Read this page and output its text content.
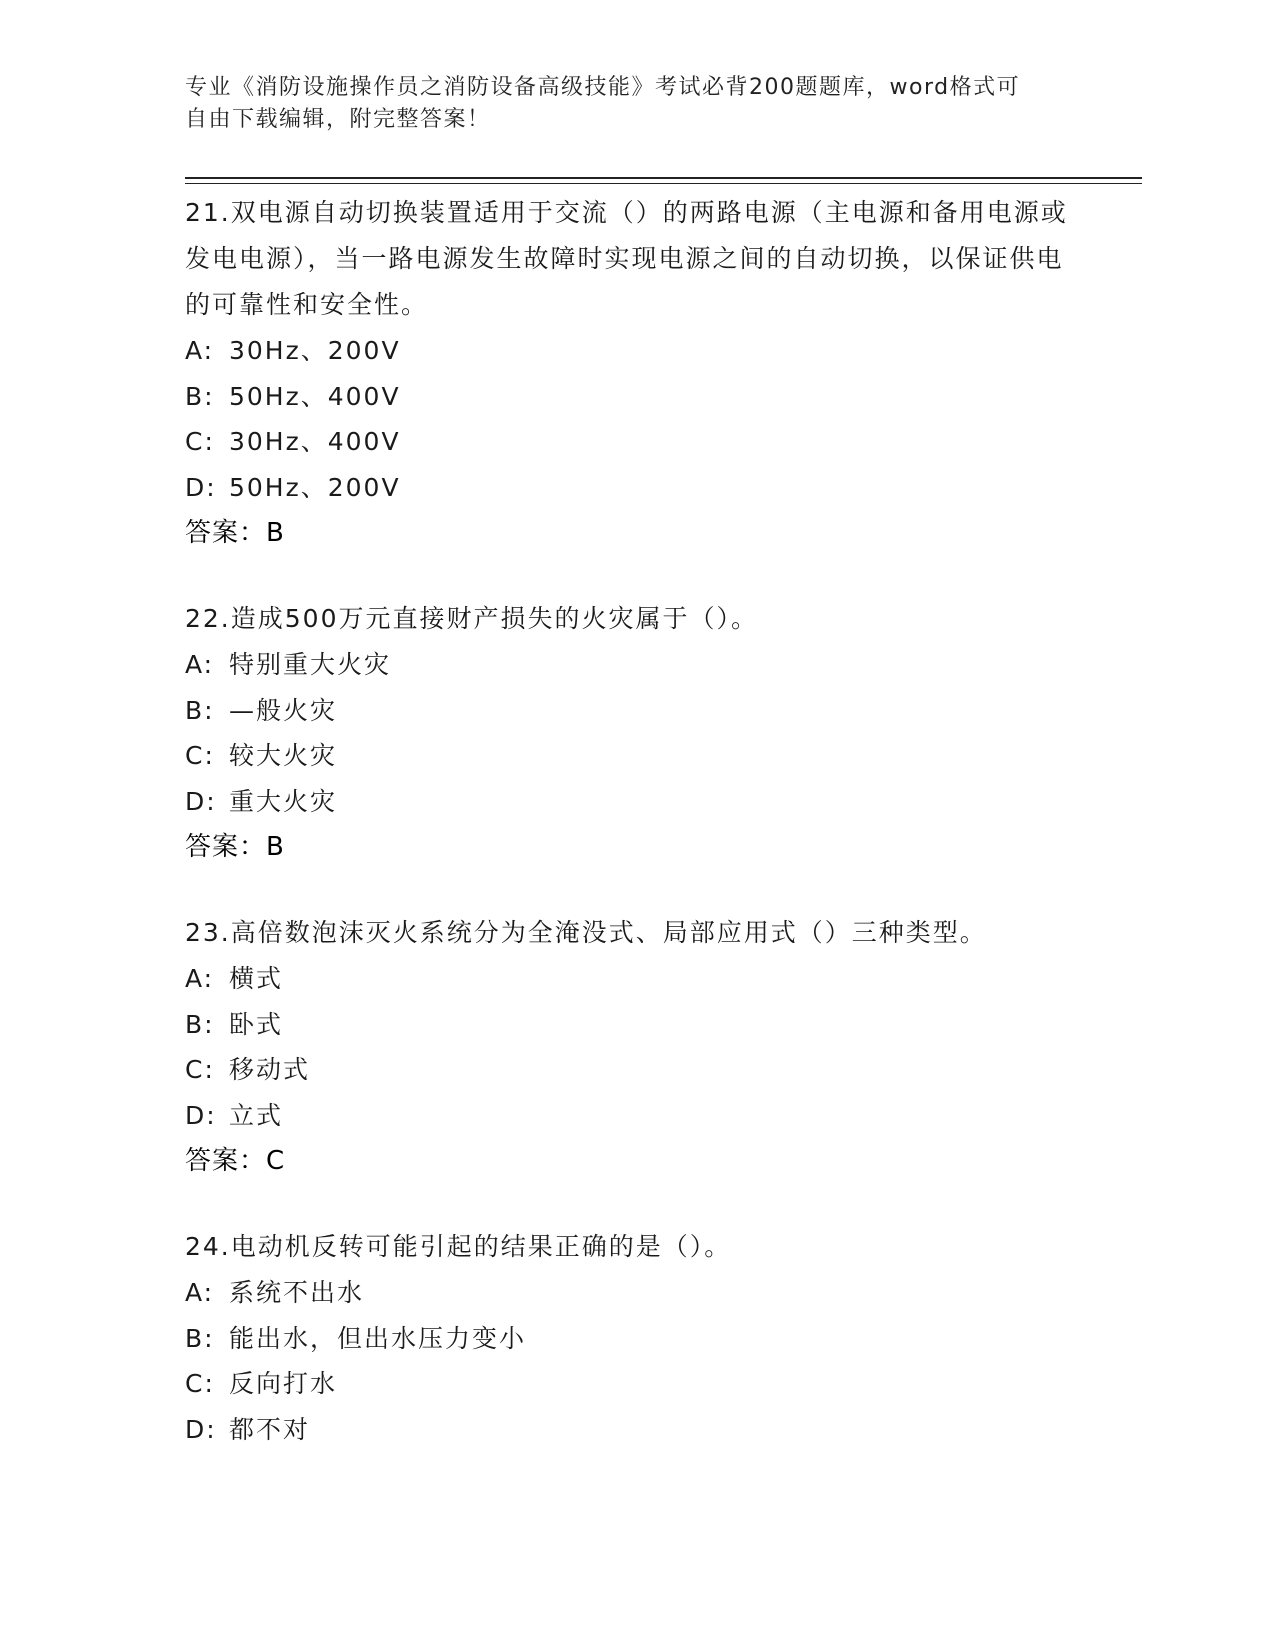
专业《消防设施操作员之消防设备高级技能》考试必背200题题库，word格式可
自由下载编辑，附完整答案！

21.双电源自动切换装置适用于交流（）的两路电源（主电源和备用电源或发电电源），当一路电源发生故障时实现电源之间的自动切换，以保证供电的可靠性和安全性。

A: 30Hz、200V

B: 50Hz、400V

C: 30Hz、400V

D: 50Hz、200V

答案：B

22.造成500万元直接财产损失的火灾属于（）。

A: 特别重大火灾

B: —般火灾

C: 较大火灾

D: 重大火灾

答案：B

23.高倍数泡沫灭火系统分为全淹没式、局部应用式（）三种类型。

A: 横式

B: 卧式

C: 移动式

D: 立式

答案：C

24.电动机反转可能引起的结果正确的是（）。

A: 系统不出水

B: 能出水，但出水压力变小

C: 反向打水

D: 都不对
